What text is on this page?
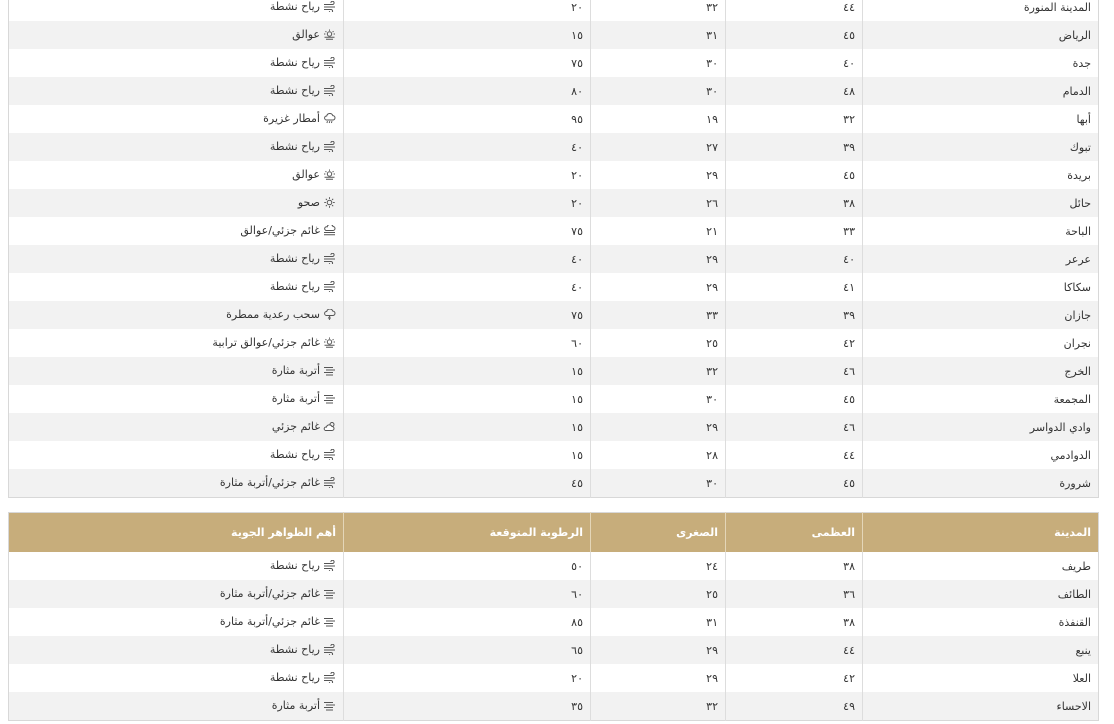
المدينة المنورة	٤٤	٣٢	٢٠	رياح نشطة

الرياض	٤٥	٣١	١٥	عوالق

جدة	٤٠	٣٠	٧٥	رياح نشطة

الدمام	٤٨	٣٠	٨٠	رياح نشطة

أبها	٣٢	١٩	٩٥	أمطار غزيرة

تبوك	٣٩	٢٧	٤٠	رياح نشطة

بريدة	٤٥	٢٩	٢٠	عوالق

حائل	٣٨	٢٦	٢٠	صحو

الباحة	٣٣	٢١	٧٥	غائم جزئي/عوالق

عرعر	٤٠	٢٩	٤٠	رياح نشطة

سكاكا	٤١	٢٩	٤٠	رياح نشطة

جازان	٣٩	٣٣	٧٥	سحب رعدية ممطرة

نجران	٤٢	٢٥	٦٠	غائم جزئي/عوالق ترابية

الخرج	٤٦	٣٢	١٥	أتربة مثارة

المجمعة	٤٥	٣٠	١٥	أتربة مثارة

وادي الدواسر	٤٦	٢٩	١٥	غائم جزئي

الدوادمي	٤٤	٢٨	١٥	رياح نشطة

شرورة	٤٥	٣٠	٤٥	غائم جزئي/أتربة مثارة
المدينة	العظمى	الصغرى	الرطوبة المتوقعة	أهم الظواهر الجوية
طريف	٣٨	٢٤	٥٠	رياح نشطة

الطائف	٣٦	٢٥	٦٠	غائم جزئي/أتربة مثارة

القنفذة	٣٨	٣١	٨٥	غائم جزئي/أتربة مثارة

ينبع	٤٤	٢٩	٦٥	رياح نشطة

العلا	٤٢	٢٩	٢٠	رياح نشطة

الاحساء	٤٩	٣٢	٣٥	أتربة مثارة
